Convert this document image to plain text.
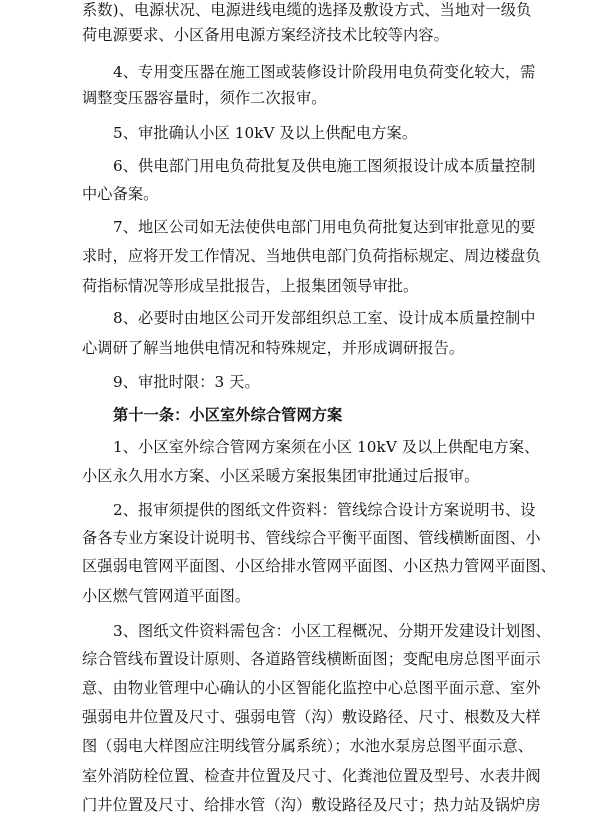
系数)、电源状况、电源进线电缆的选择及敷设方式、当地对一级负
荷电源要求、小区备用电源方案经济技术比较等内容。
4、专用变压器在施工图或装修设计阶段用电负荷变化较大，需
调整变压器容量时，须作二次报审。
5、审批确认小区 10kV 及以上供配电方案。
6、供电部门用电负荷批复及供电施工图须报设计成本质量控制
中心备案。
7、地区公司如无法使供电部门用电负荷批复达到审批意见的要
求时，应将开发工作情况、当地供电部门负荷指标规定、周边楼盘负
荷指标情况等形成呈批报告，上报集团领导审批。
8、必要时由地区公司开发部组织总工室、设计成本质量控制中
心调研了解当地供电情况和特殊规定，并形成调研报告。
9、审批时限：3 天。
第十一条：小区室外综合管网方案
1、小区室外综合管网方案须在小区 10kV 及以上供配电方案、
小区永久用水方案、小区采暖方案报集团审批通过后报审。
2、报审须提供的图纸文件资料：管线综合设计方案说明书、设
备各专业方案设计说明书、管线综合平衡平面图、管线横断面图、小
区强弱电管网平面图、小区给排水管网平面图、小区热力管网平面图、
小区燃气管网道平面图。
3、图纸文件资料需包含：小区工程概况、分期开发建设计划图、
综合管线布置设计原则、各道路管线横断面图；变配电房总图平面示
意、由物业管理中心确认的小区智能化监控中心总图平面示意、室外
强弱电井位置及尺寸、强弱电管（沟）敷设路径、尺寸、根数及大样
图（弱电大样图应注明线管分属系统）；水池水泵房总图平面示意、
室外消防栓位置、检查井位置及尺寸、化粪池位置及型号、水表井阀
门井位置及尺寸、给排水管（沟）敷设路径及尺寸；热力站及锅炉房
